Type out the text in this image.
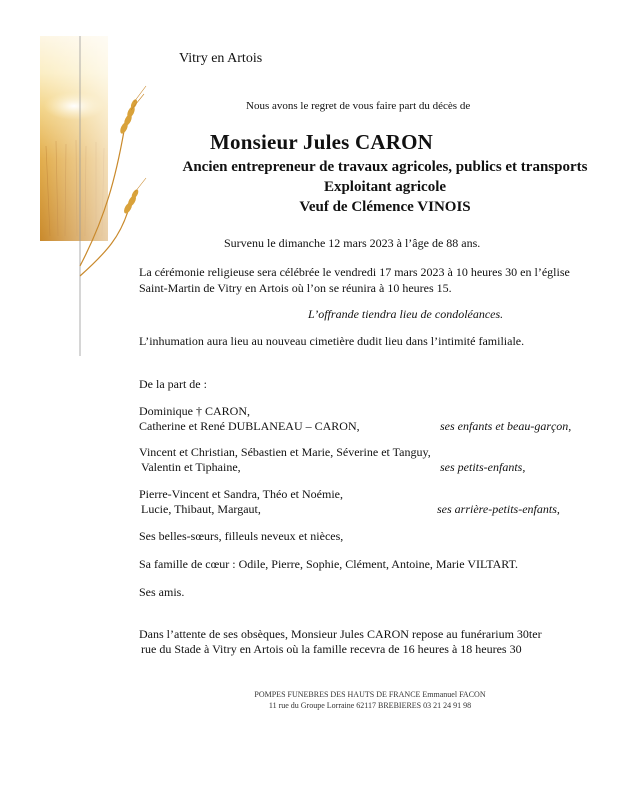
Vitry en Artois
Nous avons le regret de vous faire part du décès de
Monsieur Jules CARON
Ancien entrepreneur de travaux agricoles, publics et transports
Exploitant agricole
Veuf de Clémence VINOIS
Survenu le dimanche 12 mars 2023 à l’âge de 88 ans.
La cérémonie religieuse sera célébrée le vendredi 17 mars 2023 à 10 heures 30 en l’église
Saint-Martin de Vitry en Artois où l’on se réunira à 10 heures 15.
L’offrande tiendra lieu de condoléances.
L’inhumation aura lieu au nouveau cimetière dudit lieu dans l’intimité familiale.
De la part de :
Dominique † CARON,
Catherine et René DUBLANEAU – CARON,	ses enfants et beau-garçon,
Vincent et Christian, Sébastien et Marie, Séverine et Tanguy,
Valentin et Tiphaine,	ses petits-enfants,
Pierre-Vincent et Sandra, Théo et Noémie,
Lucie, Thibaut, Margaut,	ses arrière-petits-enfants,
Ses belles-sœurs, filleuls neveux et nièces,
Sa famille de cœur : Odile, Pierre, Sophie, Clément, Antoine, Marie VILTART.
Ses amis.
Dans l’attente de ses obsèques, Monsieur Jules CARON repose au funérarium 30ter
rue du Stade à Vitry en Artois où la famille recevra de 16 heures à 18 heures 30
POMPES FUNEBRES DES HAUTS DE FRANCE Emmanuel FACON
11 rue du Groupe Lorraine 62117 BREBIERES 03 21 24 91 98
